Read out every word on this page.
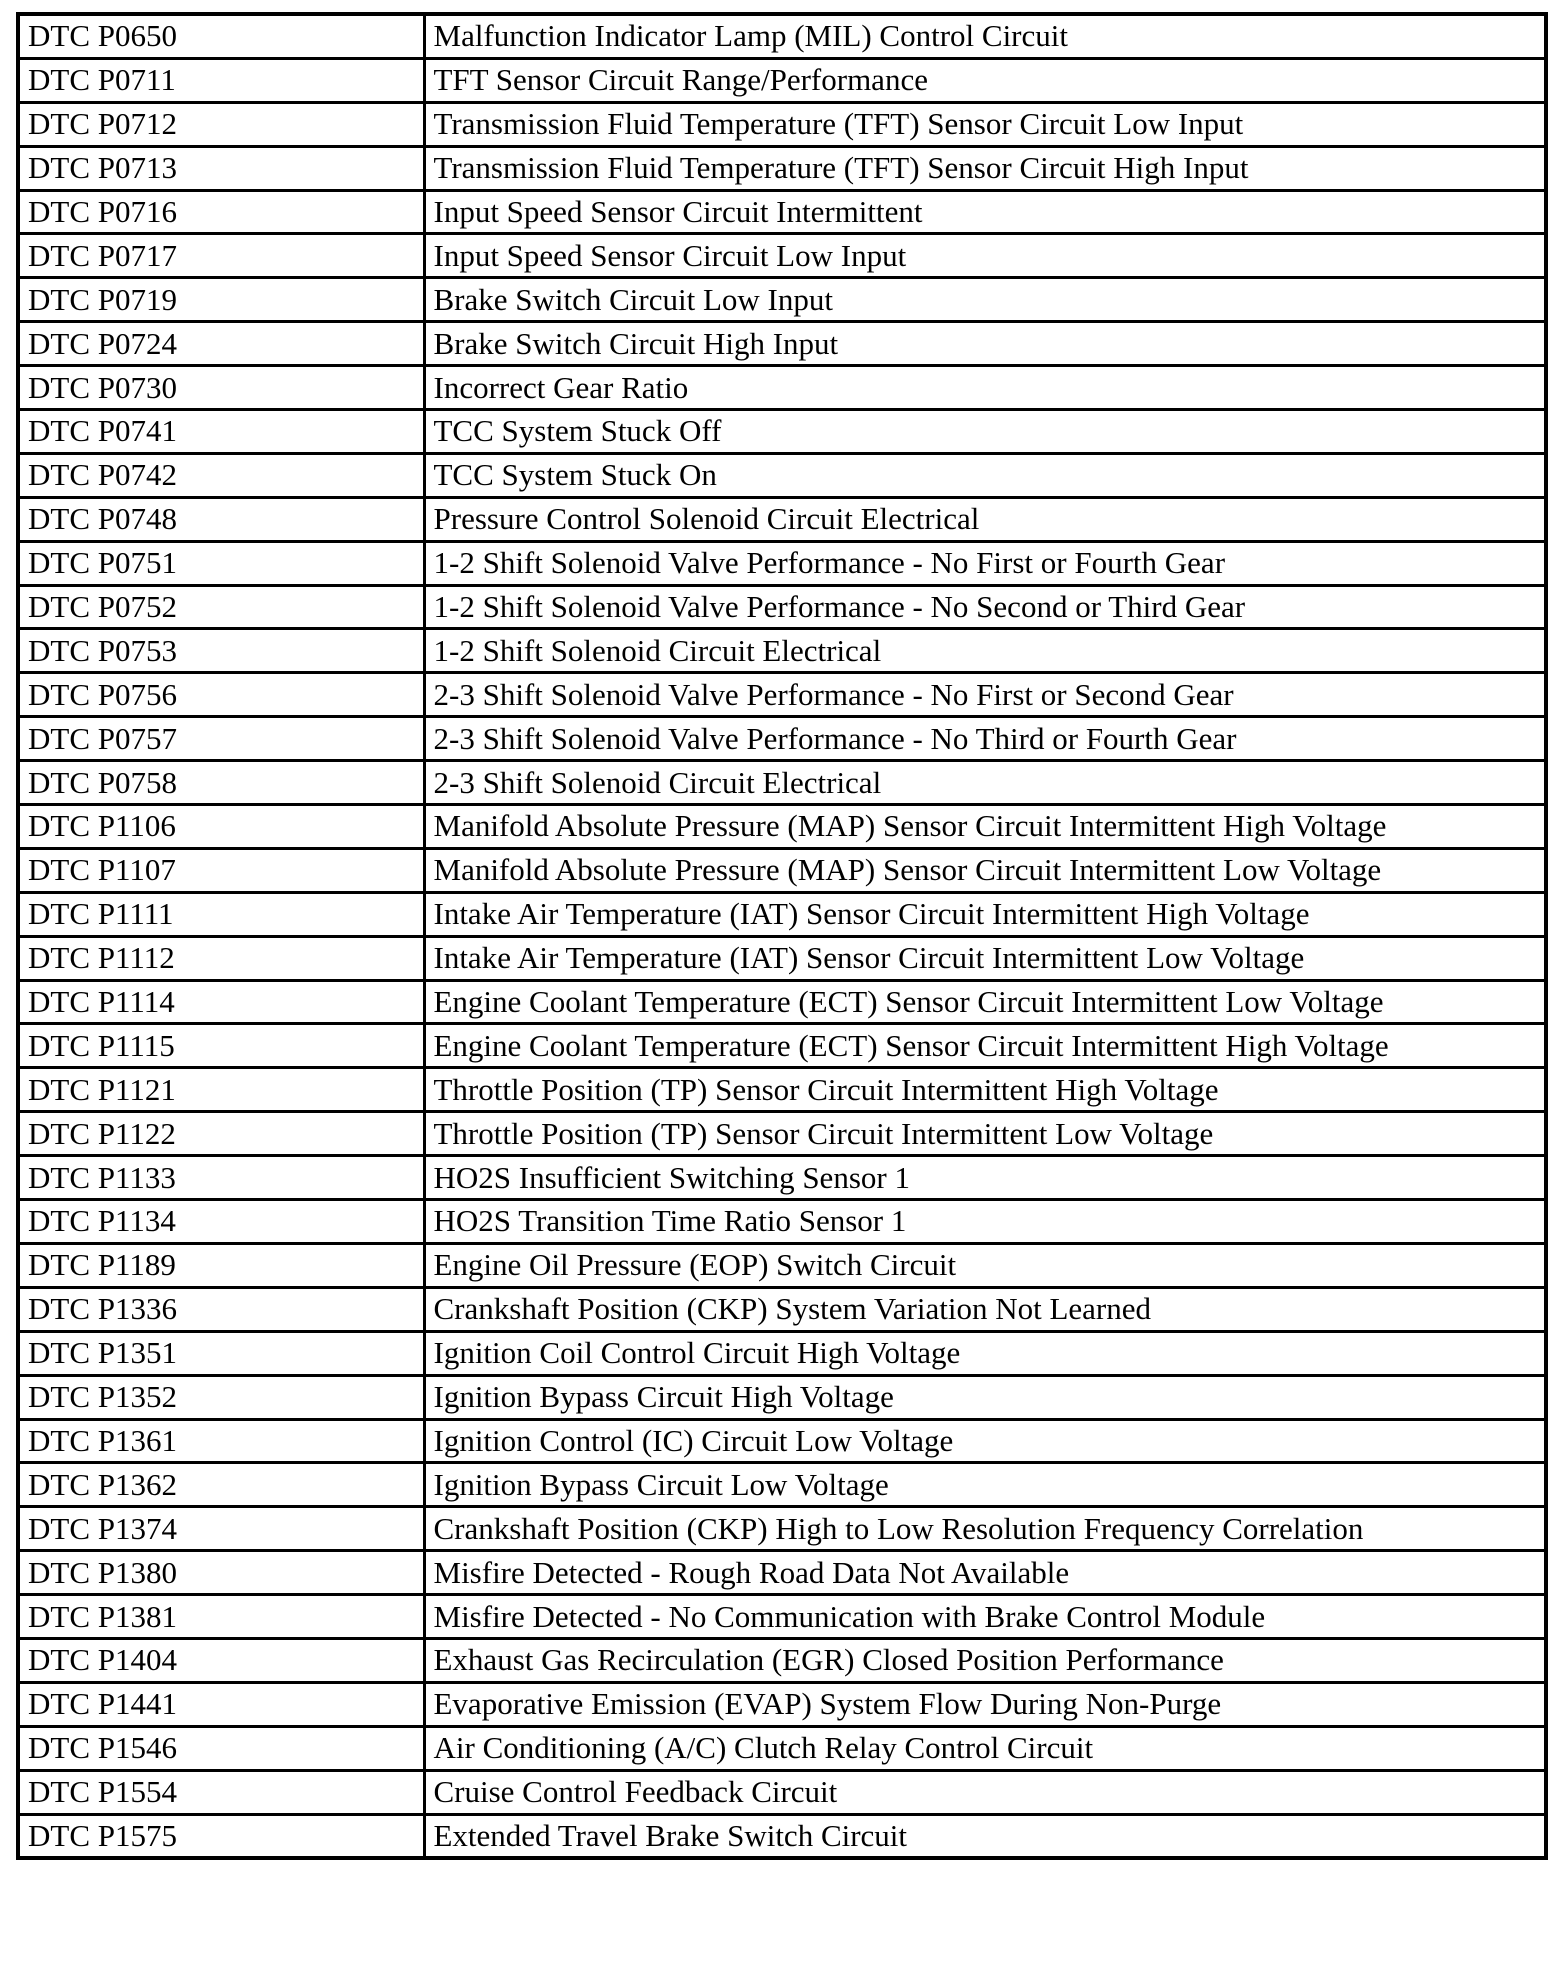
DTC P0650	Malfunction Indicator Lamp (MIL) Control Circuit
DTC P0711	TFT Sensor Circuit Range/Performance
DTC P0712	Transmission Fluid Temperature (TFT) Sensor Circuit Low Input
DTC P0713	Transmission Fluid Temperature (TFT) Sensor Circuit High Input
DTC P0716	Input Speed Sensor Circuit Intermittent
DTC P0717	Input Speed Sensor Circuit Low Input
DTC P0719	Brake Switch Circuit Low Input
DTC P0724	Brake Switch Circuit High Input
DTC P0730	Incorrect Gear Ratio
DTC P0741	TCC System Stuck Off
DTC P0742	TCC System Stuck On
DTC P0748	Pressure Control Solenoid Circuit Electrical
DTC P0751	1-2 Shift Solenoid Valve Performance - No First or Fourth Gear
DTC P0752	1-2 Shift Solenoid Valve Performance - No Second or Third Gear
DTC P0753	1-2 Shift Solenoid Circuit Electrical
DTC P0756	2-3 Shift Solenoid Valve Performance - No First or Second Gear
DTC P0757	2-3 Shift Solenoid Valve Performance - No Third or Fourth Gear
DTC P0758	2-3 Shift Solenoid Circuit Electrical
DTC P1106	Manifold Absolute Pressure (MAP) Sensor Circuit Intermittent High Voltage
DTC P1107	Manifold Absolute Pressure (MAP) Sensor Circuit Intermittent Low Voltage
DTC P1111	Intake Air Temperature (IAT) Sensor Circuit Intermittent High Voltage
DTC P1112	Intake Air Temperature (IAT) Sensor Circuit Intermittent Low Voltage
DTC P1114	Engine Coolant Temperature (ECT) Sensor Circuit Intermittent Low Voltage
DTC P1115	Engine Coolant Temperature (ECT) Sensor Circuit Intermittent High Voltage
DTC P1121	Throttle Position (TP) Sensor Circuit Intermittent High Voltage
DTC P1122	Throttle Position (TP) Sensor Circuit Intermittent Low Voltage
DTC P1133	HO2S Insufficient Switching Sensor 1
DTC P1134	HO2S Transition Time Ratio Sensor 1
DTC P1189	Engine Oil Pressure (EOP) Switch Circuit
DTC P1336	Crankshaft Position (CKP) System Variation Not Learned
DTC P1351	Ignition Coil Control Circuit High Voltage
DTC P1352	Ignition Bypass Circuit High Voltage
DTC P1361	Ignition Control (IC) Circuit Low Voltage
DTC P1362	Ignition Bypass Circuit Low Voltage
DTC P1374	Crankshaft Position (CKP) High to Low Resolution Frequency Correlation
DTC P1380	Misfire Detected - Rough Road Data Not Available
DTC P1381	Misfire Detected - No Communication with Brake Control Module
DTC P1404	Exhaust Gas Recirculation (EGR) Closed Position Performance
DTC P1441	Evaporative Emission (EVAP) System Flow During Non-Purge
DTC P1546	Air Conditioning (A/C) Clutch Relay Control Circuit
DTC P1554	Cruise Control Feedback Circuit
DTC P1575	Extended Travel Brake Switch Circuit
